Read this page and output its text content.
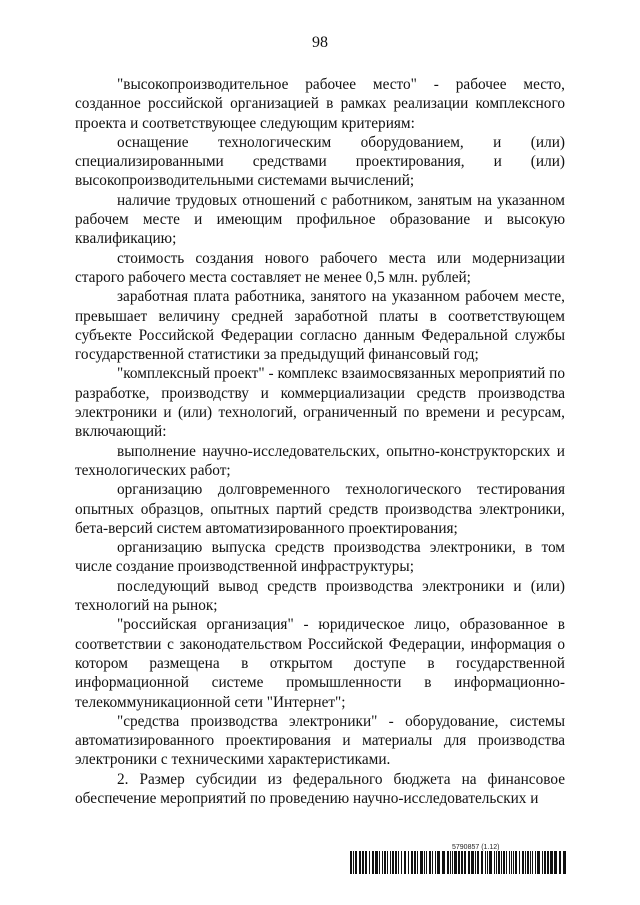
98

"высокопроизводительное рабочее место" - рабочее место, созданное российской организацией в рамках реализации комплексного проекта и соответствующее следующим критериям:

оснащение технологическим оборудованием, и (или) специализированными средствами проектирования, и (или) высокопроизводительными системами вычислений;

наличие трудовых отношений с работником, занятым на указанном рабочем месте и имеющим профильное образование и высокую квалификацию;

стоимость создания нового рабочего места или модернизации старого рабочего места составляет не менее 0,5 млн. рублей;

заработная плата работника, занятого на указанном рабочем месте, превышает величину средней заработной платы в соответствующем субъекте Российской Федерации согласно данным Федеральной службы государственной статистики за предыдущий финансовый год;

"комплексный проект" - комплекс взаимосвязанных мероприятий по разработке, производству и коммерциализации средств производства электроники и (или) технологий, ограниченный по времени и ресурсам, включающий:

выполнение научно-исследовательских, опытно-конструкторских и технологических работ;

организацию долговременного технологического тестирования опытных образцов, опытных партий средств производства электроники, бета-версий систем автоматизированного проектирования;

организацию выпуска средств производства электроники, в том числе создание производственной инфраструктуры;

последующий вывод средств производства электроники и (или) технологий на рынок;

"российская организация" - юридическое лицо, образованное в соответствии с законодательством Российской Федерации, информация о котором размещена в открытом доступе в государственной информационной системе промышленности в информационно-телекоммуникационной сети "Интернет";

"средства производства электроники" - оборудование, системы автоматизированного проектирования и материалы для производства электроники с техническими характеристиками.

2. Размер субсидии из федерального бюджета на финансовое обеспечение мероприятий по проведению научно-исследовательских и

5790857 (1.12)
